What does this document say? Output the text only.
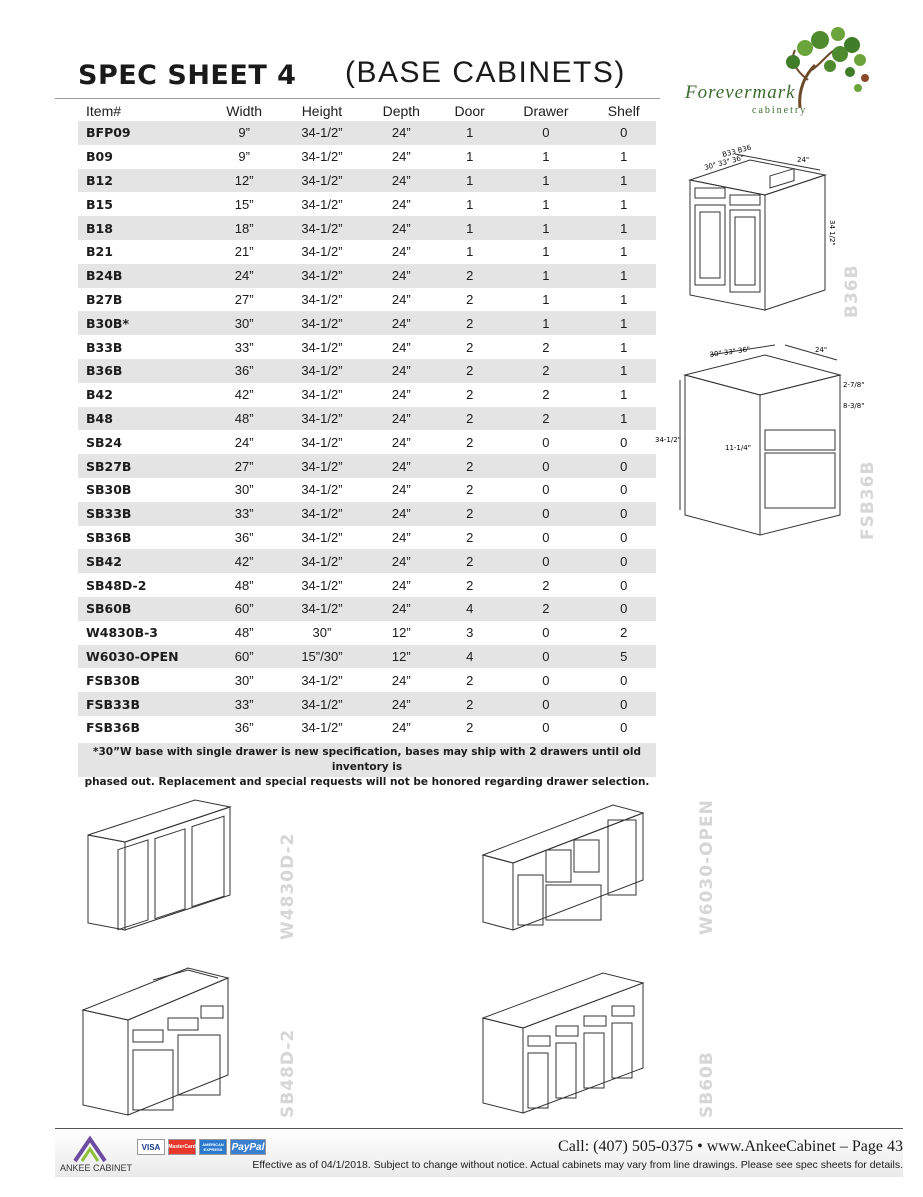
SPEC SHEET 4 (BASE CABINETS)
Forevermark
cabinetry
Item#	Width	Height	Depth	Door	Drawer	Shelf
BFP09	9”	34-1/2”	24”	1	0	0
B09	9”	34-1/2”	24”	1	1	1
B12	12”	34-1/2”	24”	1	1	1
B15	15”	34-1/2”	24”	1	1	1
B18	18”	34-1/2”	24”	1	1	1
B21	21”	34-1/2”	24”	1	1	1
B24B	24”	34-1/2”	24”	2	1	1
B27B	27”	34-1/2”	24”	2	1	1
B30B*	30”	34-1/2”	24”	2	1	1
B33B	33”	34-1/2”	24”	2	2	1
B36B	36”	34-1/2”	24”	2	2	1
B42	42”	34-1/2”	24”	2	2	1
B48	48”	34-1/2”	24”	2	2	1
SB24	24”	34-1/2”	24”	2	0	0
SB27B	27”	34-1/2”	24”	2	0	0
SB30B	30”	34-1/2”	24”	2	0	0
SB33B	33”	34-1/2”	24”	2	0	0
SB36B	36”	34-1/2”	24”	2	0	0
SB42	42”	34-1/2”	24”	2	0	0
SB48D-2	48”	34-1/2”	24”	2	2	0
SB60B	60”	34-1/2”	24”	4	2	0
W4830B-3	48”	30”	12”	3	0	2
W6030-OPEN	60”	15”/30”	12”	4	0	5
FSB30B	30”	34-1/2”	24”	2	0	0
FSB33B	33”	34-1/2”	24”	2	0	0
FSB36B	36”	34-1/2”	24”	2	0	0
*30”W base with single drawer is new specification, bases may ship with 2 drawers until old inventory is
phased out. Replacement and special requests will not be honored regarding drawer selection.
B33 B36
30" 33" 36"	24"
34 1/2"
B36B
30" 33" 36"	24"
34-1/2"
2-7/8"
8-3/8"
11-1/4"
FSB36B
W4830D-2	W6030-OPEN
SB48D-2	SB60B
ANKEE CABINET
VISA	MasterCard	AMERICAN EXPRESS PayPal	Call: (407) 505-0375 • www.AnkeeCabinet – Page 43
Effective as of 04/1/2018. Subject to change without notice. Actual cabinets may vary from line drawings. Please see spec sheets for details.
